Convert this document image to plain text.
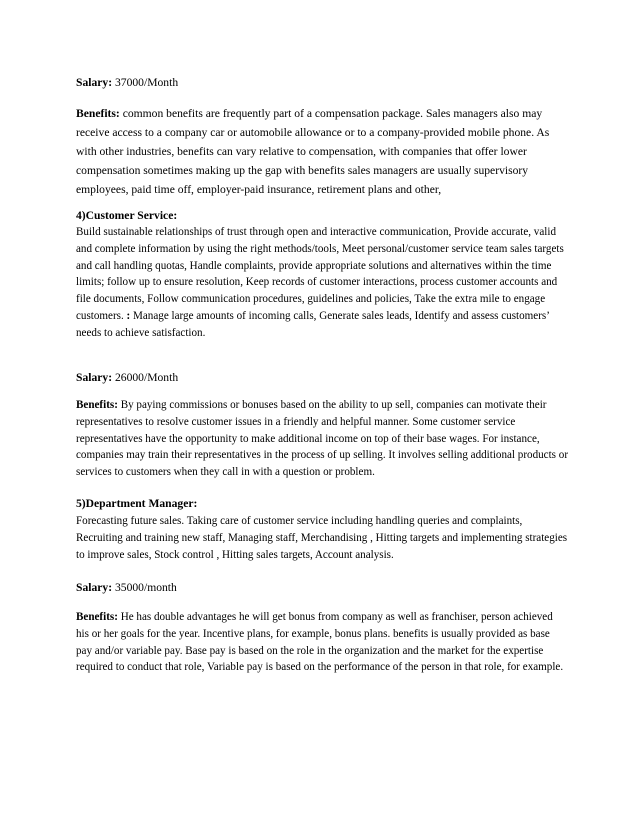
Salary: 37000/Month

Benefits: common benefits are frequently part of a compensation package. Sales managers also may receive access to a company car or automobile allowance or to a company-provided mobile phone. As with other industries, benefits can vary relative to compensation, with companies that offer lower compensation sometimes making up the gap with benefits sales managers are usually supervisory employees, paid time off, employer-paid insurance, retirement plans and other,

4)Customer Service:

Build sustainable relationships of trust through open and interactive communication, Provide accurate, valid and complete information by using the right methods/tools, Meet personal/customer service team sales targets and call handling quotas, Handle complaints, provide appropriate solutions and alternatives within the time limits; follow up to ensure resolution, Keep records of customer interactions, process customer accounts and file documents, Follow communication procedures, guidelines and policies, Take the extra mile to engage customers. : Manage large amounts of incoming calls, Generate sales leads, Identify and assess customers’ needs to achieve satisfaction.

Salary: 26000/Month

Benefits: By paying commissions or bonuses based on the ability to up sell, companies can motivate their representatives to resolve customer issues in a friendly and helpful manner. Some customer service representatives have the opportunity to make additional income on top of their base wages. For instance, companies may train their representatives in the process of up selling. It involves selling additional products or services to customers when they call in with a question or problem.

5)Department Manager:

Forecasting future sales. Taking care of customer service including handling queries and complaints, Recruiting and training new staff, Managing staff, Merchandising , Hitting targets and implementing strategies to improve sales, Stock control , Hitting sales targets, Account analysis.

Salary: 35000/month

Benefits: He has double advantages he will get bonus from company as well as franchiser, person achieved his or her goals for the year. Incentive plans, for example, bonus plans. benefits is usually provided as base pay and/or variable pay. Base pay is based on the role in the organization and the market for the expertise required to conduct that role, Variable pay is based on the performance of the person in that role, for example.
